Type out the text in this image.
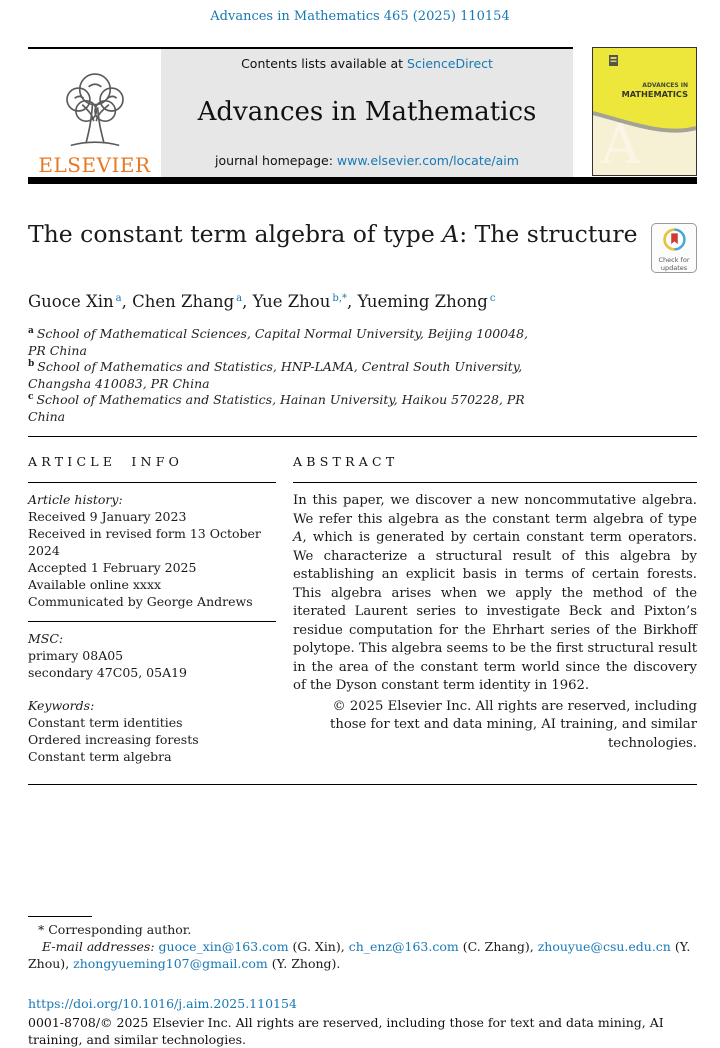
Advances in Mathematics 465 (2025) 110154
ELSEVIER
Contents lists available at ScienceDirect
Advances in Mathematics
journal homepage: www.elsevier.com/locate/aim
ADVANCES IN
MATHEMATICS
A
The constant term algebra of type A: The structure
Check for
updates
Guoce Xin $^a$, Chen Zhang $^a$, Yue Zhou $^{b,*}$, Yueming Zhong $^c$
$^a$ School of Mathematical Sciences, Capital Normal University, Beijing 100048, PR China
$^b$ School of Mathematics and Statistics, HNP-LAMA, Central South University, Changsha 410083, PR China
$^c$ School of Mathematics and Statistics, Hainan University, Haikou 570228, PR China
ARTICLE INFO
Article history:
Received 9 January 2023
Received in revised form 13 October 2024
Accepted 1 February 2025
Available online xxxx
Communicated by George Andrews
MSC:
primary 08A05
secondary 47C05, 05A19
Keywords:
Constant term identities
Ordered increasing forests
Constant term algebra
ABSTRACT
In this paper, we discover a new noncommutative algebra. We refer this algebra as the constant term algebra of type A, which is generated by certain constant term operators. We characterize a structural result of this algebra by establishing an explicit basis in terms of certain forests. This algebra arises when we apply the method of the iterated Laurent series to investigate Beck and Pixton’s residue computation for the Ehrhart series of the Birkhoff polytope. This algebra seems to be the first structural result in the area of the constant term world since the discovery of the Dyson constant term identity in 1962.
© 2025 Elsevier Inc. All rights are reserved, including those for text and data mining, AI training, and similar technologies.
* Corresponding author.
E-mail addresses: guoce_xin@163.com (G. Xin), ch_enz@163.com (C. Zhang), zhouyue@csu.edu.cn (Y. Zhou), zhongyueming107@gmail.com (Y. Zhong).
https://doi.org/10.1016/j.aim.2025.110154
0001-8708/© 2025 Elsevier Inc. All rights are reserved, including those for text and data mining, AI training, and similar technologies.
